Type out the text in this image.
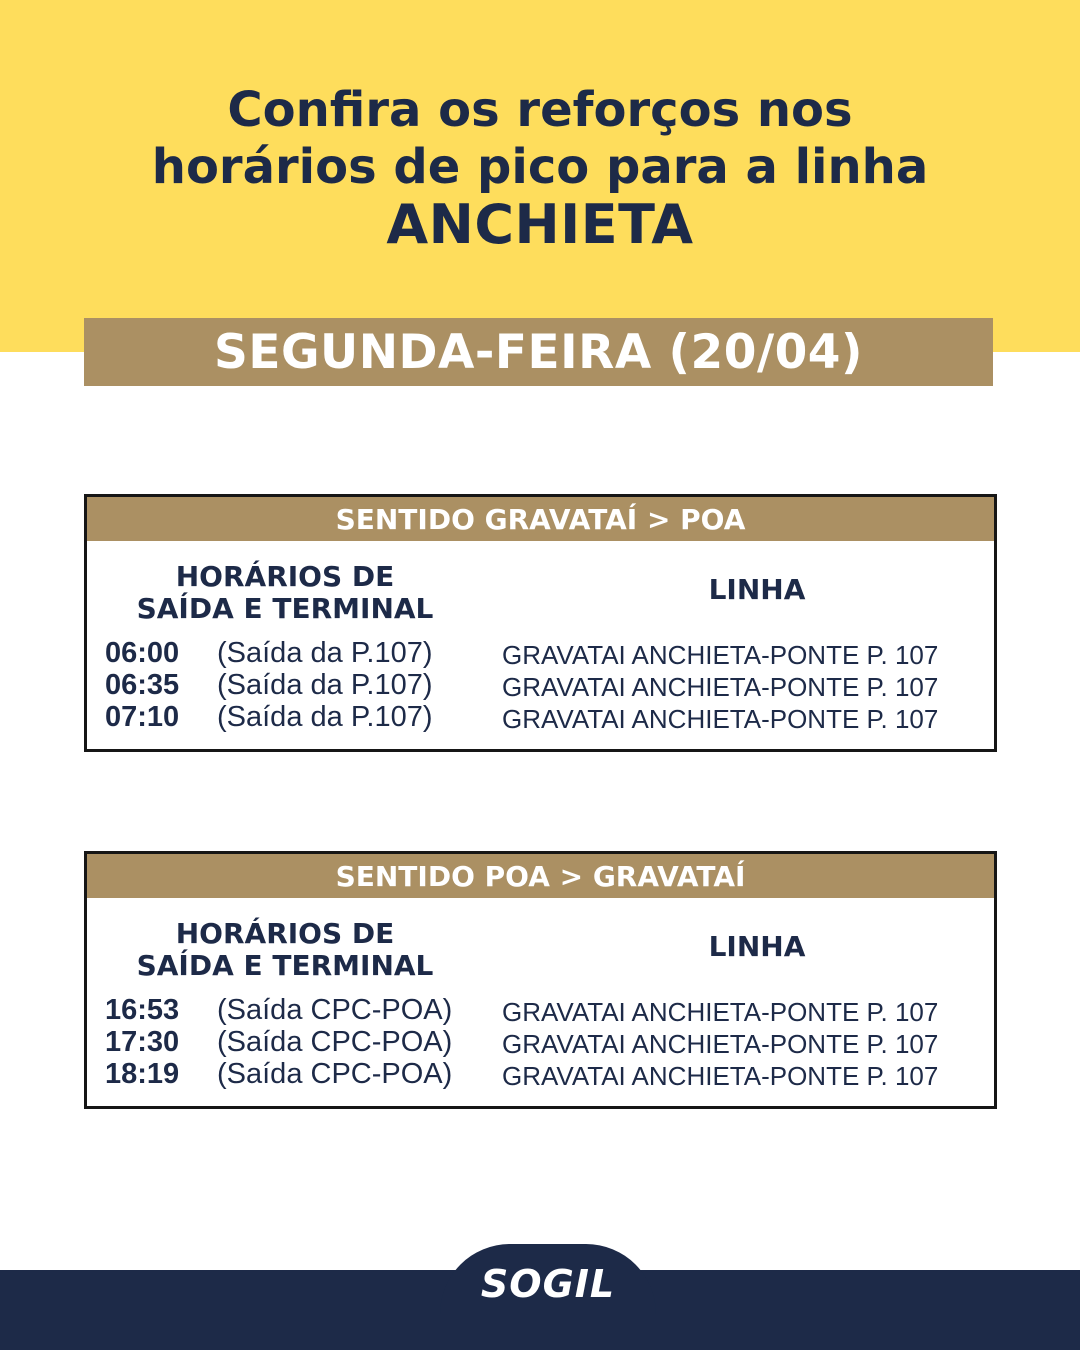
Confira os reforços nos
horários de pico para a linha
ANCHIETA
SEGUNDA-FEIRA (20/04)
SENTIDO GRAVATAÍ > POA
HORÁRIOS DE
SAÍDA E TERMINAL
LINHA
06:00 (Saída da P.107)	GRAVATAI ANCHIETA-PONTE P. 107
06:35 (Saída da P.107)	GRAVATAI ANCHIETA-PONTE P. 107
07:10 (Saída da P.107)	GRAVATAI ANCHIETA-PONTE P. 107
SENTIDO POA > GRAVATAÍ
HORÁRIOS DE
SAÍDA E TERMINAL
LINHA
16:53 (Saída CPC-POA) GRAVATAI ANCHIETA-PONTE P. 107
17:30 (Saída CPC-POA) GRAVATAI ANCHIETA-PONTE P. 107
18:19 (Saída CPC-POA) GRAVATAI ANCHIETA-PONTE P. 107
SOGIL
